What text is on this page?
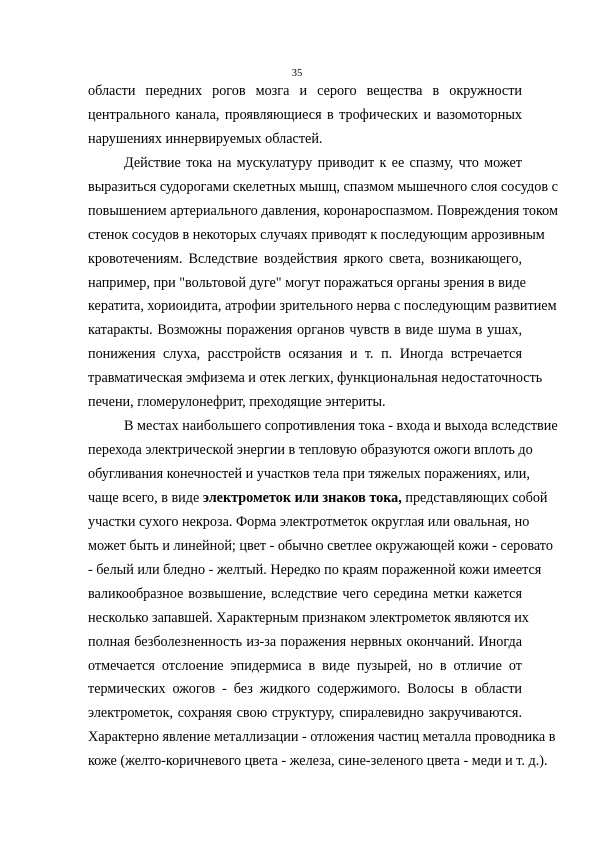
35
области передних рогов мозга и серого вещества в окружности
центрального канала, проявляющиеся в трофических и вазомоторных
нарушениях иннервируемых областей.
Действие тока на мускулатуру приводит к ее спазму, что может
выразиться судорогами скелетных мышц, спазмом мышечного слоя сосудов с
повышением артериального давления, коронароспазмом. Повреждения током
стенок сосудов в некоторых случаях приводят к последующим аррозивным
кровотечениям. Вследствие воздействия яркого света, возникающего,
например, при "вольтовой дуге" могут поражаться органы зрения в виде
кератита, хориоидита, атрофии зрительного нерва с последующим развитием
катаракты. Возможны поражения органов чувств в виде шума в ушах,
понижения слуха, расстройств осязания и т. п. Иногда встречается
травматическая эмфизема и отек легких, функциональная недостаточность
печени, гломерулонефрит, преходящие энтериты.
В местах наибольшего сопротивления тока - входа и выхода вследствие
перехода электрической энергии в тепловую образуются ожоги вплоть до
обугливания конечностей и участков тела при тяжелых поражениях, или,
чаще всего, в виде электрометок или знаков тока, представляющих собой
участки сухого некроза. Форма электротметок округлая или овальная, но
может быть и линейной; цвет - обычно светлее окружающей кожи - серовато
- белый или бледно - желтый. Нередко по краям пораженной кожи имеется
валикообразное возвышение, вследствие чего середина метки кажется
несколько запавшей. Характерным признаком электрометок являются их
полная безболезненность из-за поражения нервных окончаний. Иногда
отмечается отслоение эпидермиса в виде пузырей, но в отличие от
термических ожогов - без жидкого содержимого. Волосы в области
электрометок, сохраняя свою структуру, спиралевидно закручиваются.
Характерно явление металлизации - отложения частиц металла проводника в
коже (желто-коричневого цвета - железа, сине-зеленого цвета - меди и т. д.).
